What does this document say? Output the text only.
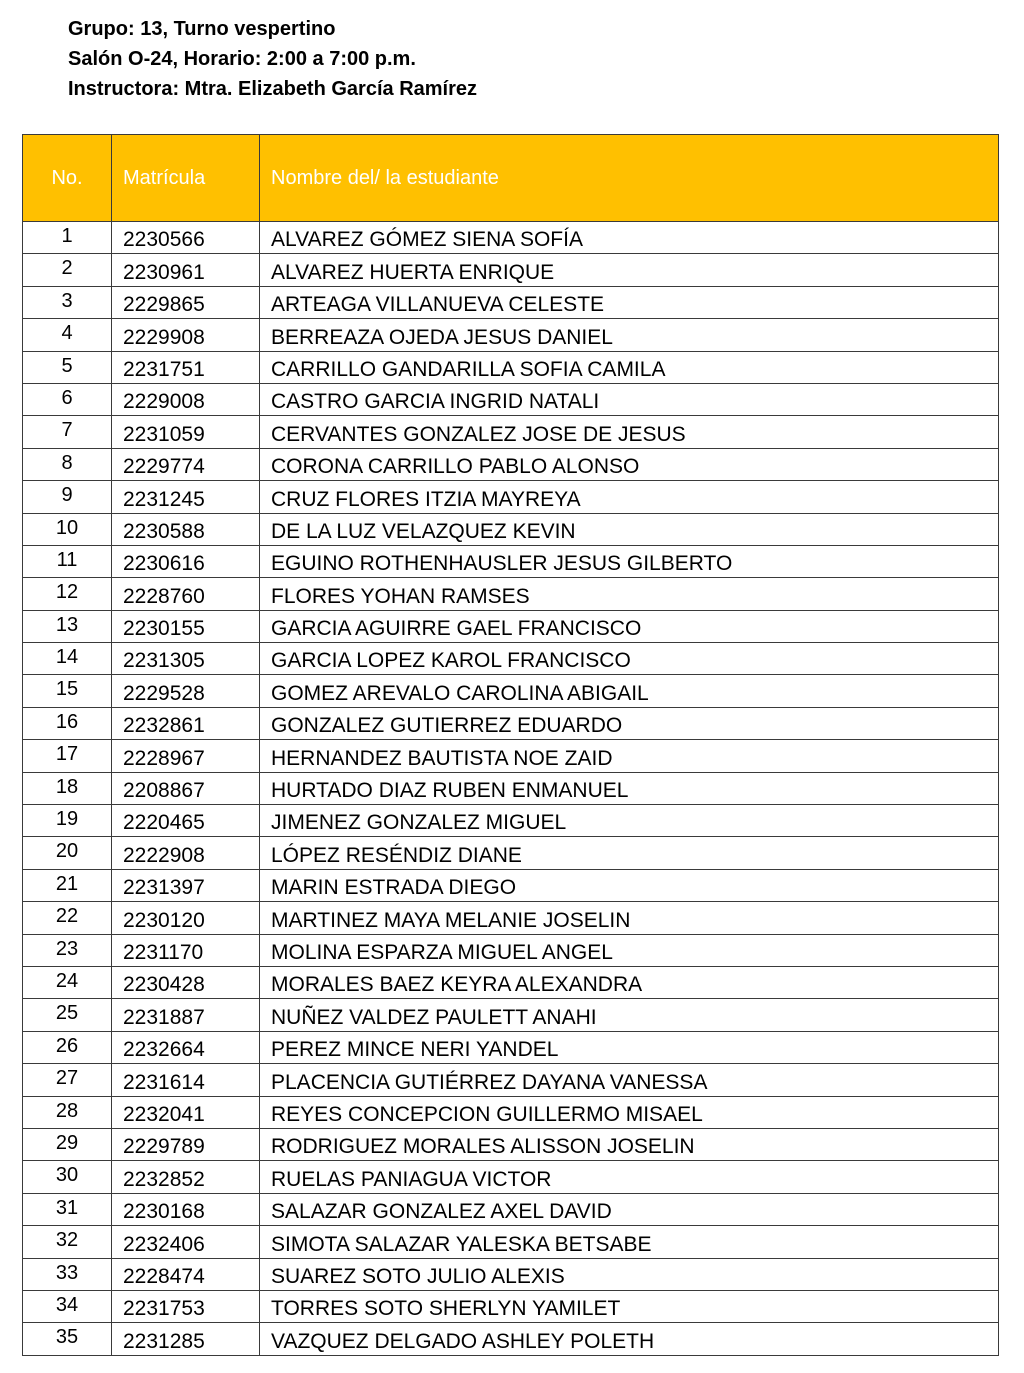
Grupo: 13, Turno vespertino
Salón O-24, Horario: 2:00 a 7:00 p.m.
Instructora: Mtra. Elizabeth García Ramírez
No.	Matrícula	Nombre del/ la estudiante
1	2230566	ALVAREZ GÓMEZ SIENA SOFÍA
2	2230961	ALVAREZ HUERTA ENRIQUE
3	2229865	ARTEAGA VILLANUEVA CELESTE
4	2229908	BERREAZA OJEDA JESUS DANIEL
5	2231751	CARRILLO GANDARILLA SOFIA CAMILA
6	2229008	CASTRO GARCIA INGRID NATALI
7	2231059	CERVANTES GONZALEZ JOSE DE JESUS
8	2229774	CORONA CARRILLO PABLO ALONSO
9	2231245	CRUZ FLORES ITZIA MAYREYA
10	2230588	DE LA LUZ VELAZQUEZ KEVIN
11	2230616	EGUINO ROTHENHAUSLER JESUS GILBERTO
12	2228760	FLORES YOHAN RAMSES
13	2230155	GARCIA AGUIRRE GAEL FRANCISCO
14	2231305	GARCIA LOPEZ KAROL FRANCISCO
15	2229528	GOMEZ AREVALO CAROLINA ABIGAIL
16	2232861	GONZALEZ GUTIERREZ EDUARDO
17	2228967	HERNANDEZ BAUTISTA NOE ZAID
18	2208867	HURTADO DIAZ RUBEN ENMANUEL
19	2220465	JIMENEZ GONZALEZ MIGUEL
20	2222908	LÓPEZ RESÉNDIZ DIANE
21	2231397	MARIN ESTRADA DIEGO
22	2230120	MARTINEZ MAYA MELANIE JOSELIN
23	2231170	MOLINA ESPARZA MIGUEL ANGEL
24	2230428	MORALES BAEZ KEYRA ALEXANDRA
25	2231887	NUÑEZ VALDEZ PAULETT ANAHI
26	2232664	PEREZ MINCE NERI YANDEL
27	2231614	PLACENCIA GUTIÉRREZ DAYANA VANESSA
28	2232041	REYES CONCEPCION GUILLERMO MISAEL
29	2229789	RODRIGUEZ MORALES ALISSON JOSELIN
30	2232852	RUELAS PANIAGUA VICTOR
31	2230168	SALAZAR GONZALEZ AXEL DAVID
32	2232406	SIMOTA SALAZAR YALESKA BETSABE
33	2228474	SUAREZ SOTO JULIO ALEXIS
34	2231753	TORRES SOTO SHERLYN YAMILET
35	2231285	VAZQUEZ DELGADO ASHLEY POLETH
